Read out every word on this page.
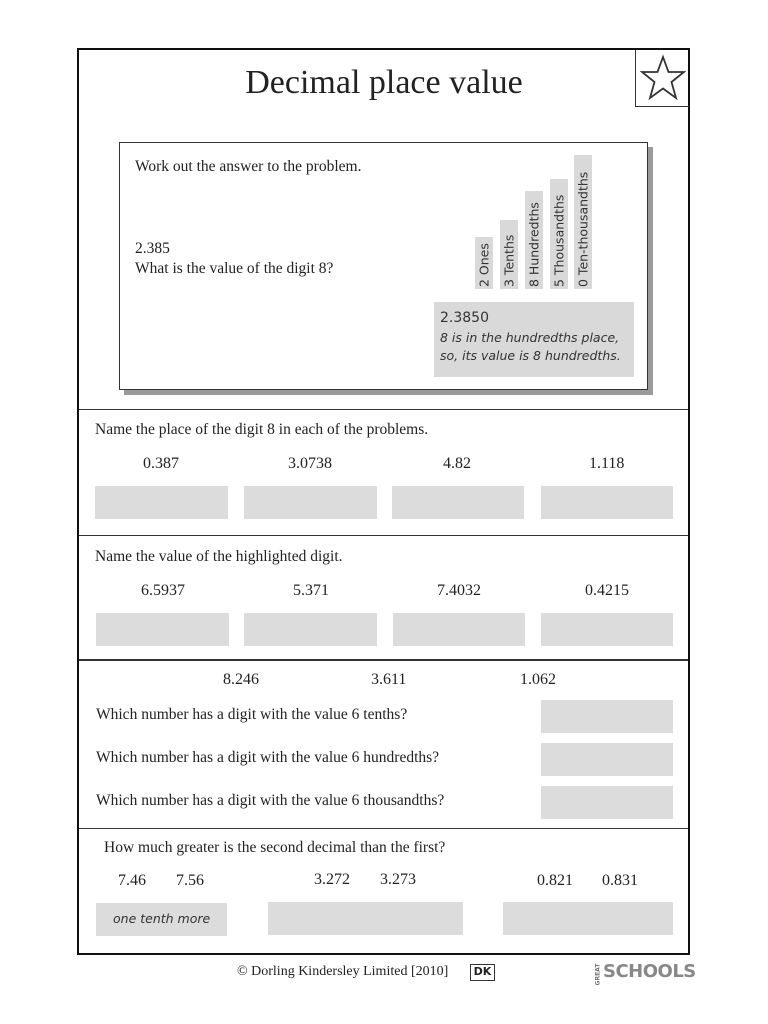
Decimal place value
Work out the answer to the problem.
2.385
What is the value of the digit 8?	2 Ones 3 Tenths 8 Hundredths 5 Thousandths 0 Ten-thousandths
2.3850
8 is in the hundredths place,
so, its value is 8 hundredths.
Name the place of the digit 8 in each of the problems.
0.387	3.0738	4.82	1.118
Name the value of the highlighted digit.
6.5937	5.371	7.4032	0.4215
8.246	3.611	1.062
Which number has a digit with the value 6 tenths?
Which number has a digit with the value 6 hundredths?
Which number has a digit with the value 6 thousandths?
How much greater is the second decimal than the first?
7.46 7.56	3.272 3.273	0.821 0.831
one tenth more
© Dorling Kindersley Limited [2010]	DK	GREAT SCHOOLS
